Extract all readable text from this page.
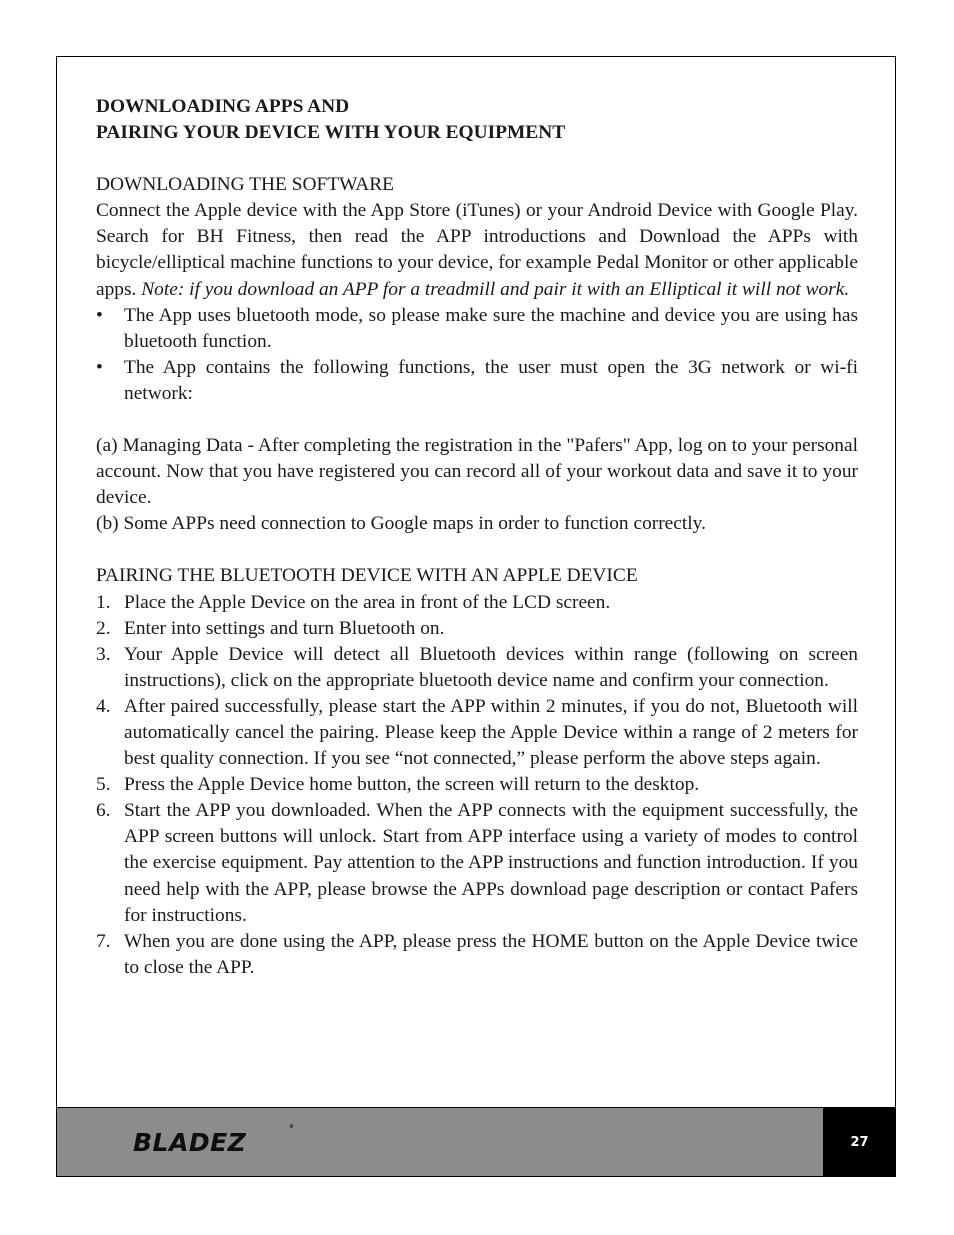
DOWNLOADING APPS AND
PAIRING YOUR DEVICE WITH YOUR EQUIPMENT
DOWNLOADING THE SOFTWARE

Connect the Apple device with the App Store (iTunes) or your Android Device with Google Play. Search for BH Fitness, then read the APP introductions and Download the APPs with bicycle/elliptical machine functions to your device, for example Pedal Monitor or other applicable apps. Note: if you download an APP for a treadmill and pair it with an Elliptical it will not work.

• The App uses bluetooth mode, so please make sure the machine and device you are using has bluetooth function.
• The App contains the following functions, the user must open the 3G network or wi-fi network:

(a) Managing Data - After completing the registration in the "Pafers" App, log on to your personal account. Now that you have registered you can record all of your workout data and save it to your device.

(b) Some APPs need connection to Google maps in order to function correctly.

PAIRING THE BLUETOOTH DEVICE WITH AN APPLE DEVICE
1. Place the Apple Device on the area in front of the LCD screen.
2. Enter into settings and turn Bluetooth on.
3. Your Apple Device will detect all Bluetooth devices within range (following on screen instructions), click on the appropriate bluetooth device name and confirm your connection.
4. After paired successfully, please start the APP within 2 minutes, if you do not, Bluetooth will automatically cancel the pairing. Please keep the Apple Device within a range of 2 meters for best quality connection. If you see “not connected,” please perform the above steps again.
5. Press the Apple Device home button, the screen will return to the desktop.
6. Start the APP you downloaded. When the APP connects with the equipment successfully, the APP screen buttons will unlock. Start from APP interface using a variety of modes to control the exercise equipment. Pay attention to the APP instructions and function introduction. If you need help with the APP, please browse the APPs download page description or contact Pafers for instructions.
7. When you are done using the APP, please press the HOME button on the Apple Device twice to close the APP.
BLADEZ
®
27
